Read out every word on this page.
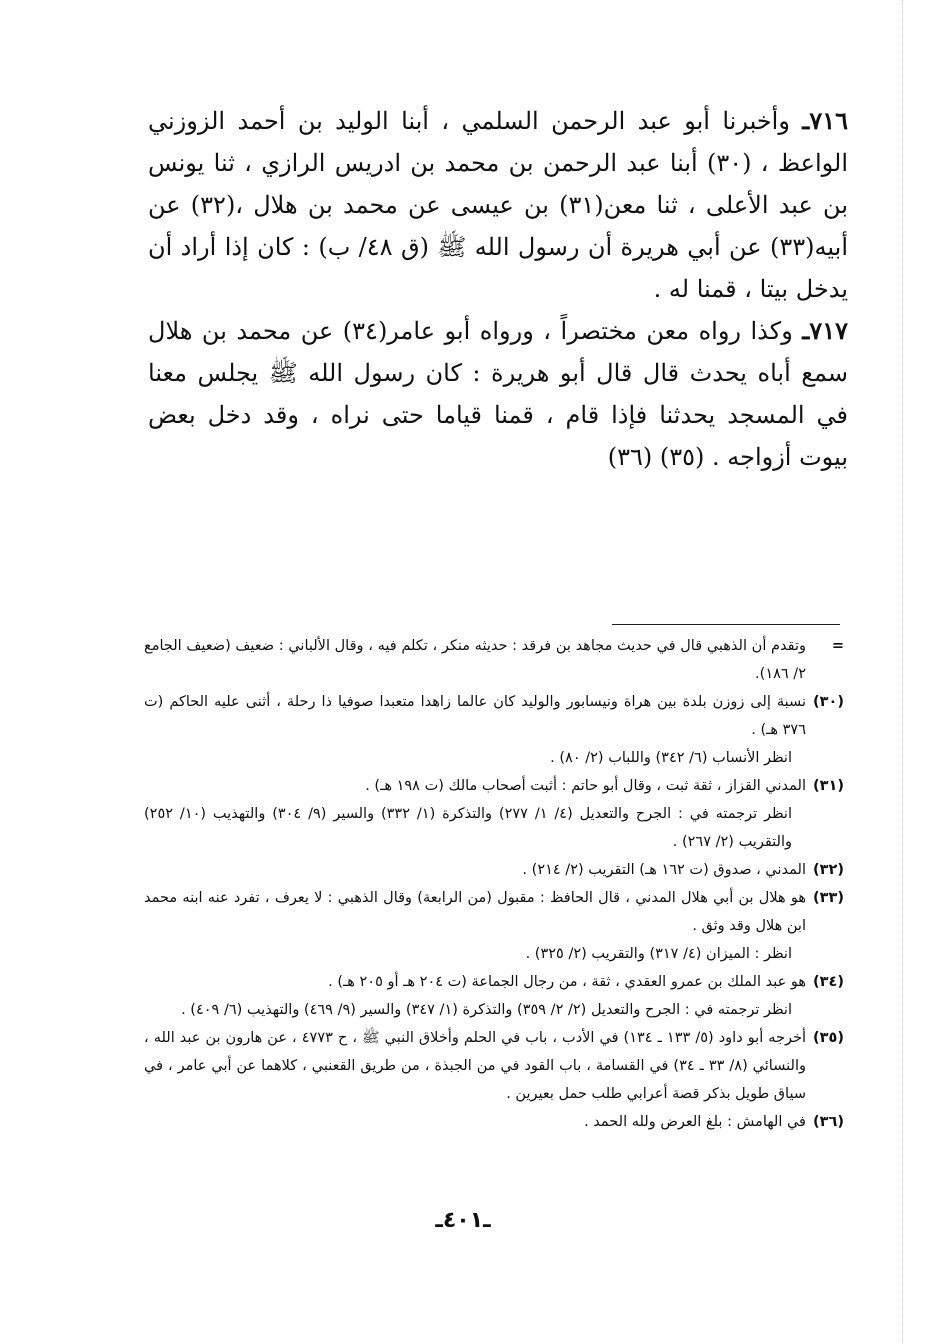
٧١٦ـ وأخبرنا أبو عبد الرحمن السلمي ، أبنا الوليد بن أحمد الزوزني الواعظ ، (٣٠) أبنا عبد الرحمن بن محمد بن ادريس الرازي ، ثنا يونس بن عبد الأعلى ، ثنا معن(٣١) بن عيسى عن محمد بن هلال ،(٣٢) عن أبيه(٣٣) عن أبي هريرة أن رسول الله ﷺ (ق ٤٨/ ب) : كان إذا أراد أن يدخل بيتا ، قمنا له .

٧١٧ـ وكذا رواه معن مختصراً ، ورواه أبو عامر(٣٤) عن محمد بن هلال سمع أباه يحدث قال قال أبو هريرة : كان رسول الله ﷺ يجلس معنا في المسجد يحدثنا فإذا قام ، قمنا قياما حتى نراه ، وقد دخل بعض بيوت أزواجه . (٣٥) (٣٦)

=

وتقدم أن الذهبي قال في حديث مجاهد بن فرقد : حديثه منكر ، تكلم فيه ، وقال الألباني : ضعيف (ضعيف الجامع ٢/ ١٨٦).

(٣٠)

نسبة إلى زوزن بلدة بين هراة ونيسابور والوليد كان عالما زاهدا متعبدا صوفيا ذا رحلة ، أثنى عليه الحاكم (ت ٣٧٦ هـ) .

انظر الأنساب (٦/ ٣٤٢) واللباب (٢/ ٨٠) .

(٣١)

المدني القزاز ، ثقة ثبت ، وقال أبو حاتم : أثبت أصحاب مالك (ت ١٩٨ هـ) .

انظر ترجمته في : الجرح والتعديل (٤/ ١/ ٢٧٧) والتذكرة (١/ ٣٣٢) والسير (٩/ ٣٠٤) والتهذيب (١٠/ ٢٥٢) والتقريب (٢/ ٢٦٧) .

(٣٢)

المدني ، صدوق (ت ١٦٢ هـ) التقريب (٢/ ٢١٤) .

(٣٣)

هو هلال بن أبي هلال المدني ، قال الحافظ : مقبول (من الرابعة) وقال الذهبي : لا يعرف ، تفرد عنه ابنه محمد ابن هلال وقد وثق .

انظر : الميزان (٤/ ٣١٧) والتقريب (٢/ ٣٢٥) .

(٣٤)

هو عبد الملك بن عمرو العقدي ، ثقة ، من رجال الجماعة (ت ٢٠٤ هـ أو ٢٠٥ هـ) .

انظر ترجمته في : الجرح والتعديل (٢/ ٢/ ٣٥٩) والتذكرة (١/ ٣٤٧) والسير (٩/ ٤٦٩) والتهذيب (٦/ ٤٠٩) .

(٣٥)

أخرجه أبو داود (٥/ ١٣٣ ـ ١٣٤) في الأدب ، باب في الحلم وأخلاق النبي ﷺ ، ح ٤٧٧٣ ، عن هارون بن عبد الله ، والنسائي (٨/ ٣٣ ـ ٣٤) في القسامة ، باب القود في من الجبذة ، من طريق القعنبي ، كلاهما عن أبي عامر ، في سياق طويل بذكر قصة أعرابي طلب حمل بعيرين .

(٣٦)

في الهامش : بلغ العرض ولله الحمد .

ـ٤٠١ـ
